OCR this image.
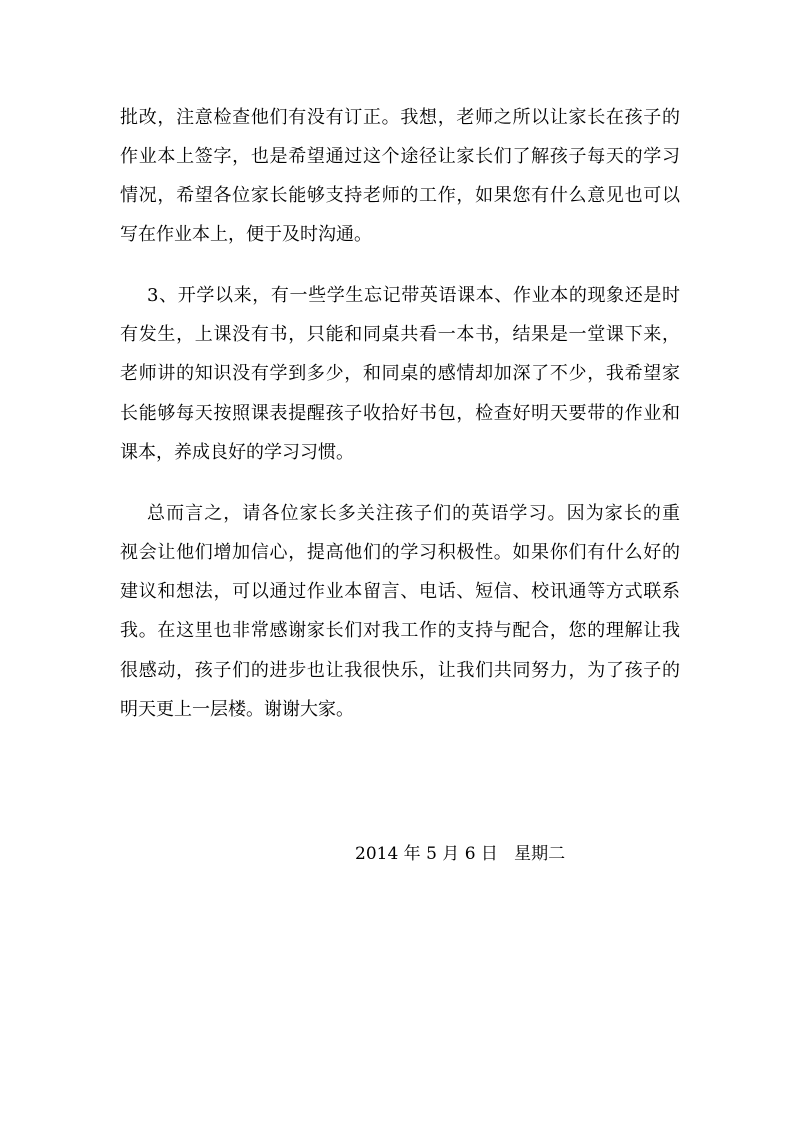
批改，注意检查他们有没有订正。我想，老师之所以让家长在孩子的
作业本上签字，也是希望通过这个途径让家长们了解孩子每天的学习
情况，希望各位家长能够支持老师的工作，如果您有什么意见也可以
写在作业本上，便于及时沟通。
3、开学以来，有一些学生忘记带英语课本、作业本的现象还是时
有发生，上课没有书，只能和同桌共看一本书，结果是一堂课下来，
老师讲的知识没有学到多少，和同桌的感情却加深了不少，我希望家
长能够每天按照课表提醒孩子收拾好书包，检查好明天要带的作业和
课本，养成良好的学习习惯。
总而言之，请各位家长多关注孩子们的英语学习。因为家长的重
视会让他们增加信心，提高他们的学习积极性。如果你们有什么好的
建议和想法，可以通过作业本留言、电话、短信、校讯通等方式联系
我。在这里也非常感谢家长们对我工作的支持与配合，您的理解让我
很感动，孩子们的进步也让我很快乐，让我们共同努力，为了孩子的
明天更上一层楼。谢谢大家。
2014 年 5 月 6 日   星期二
